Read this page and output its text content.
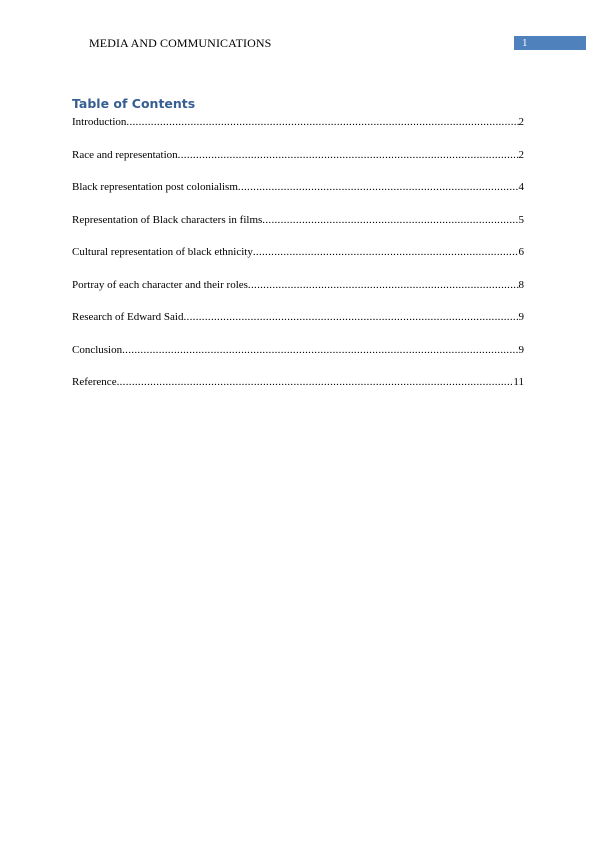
MEDIA AND COMMUNICATIONS	1
Table of Contents
Introduction .....	2
Race and representation .....	2
Black representation post colonialism .....	4
Representation of Black characters in films .....	5
Cultural representation of black ethnicity .....	6
Portray of each character and their roles .....	8
Research of Edward Said .....	9
Conclusion .....	9
Reference .....	11
